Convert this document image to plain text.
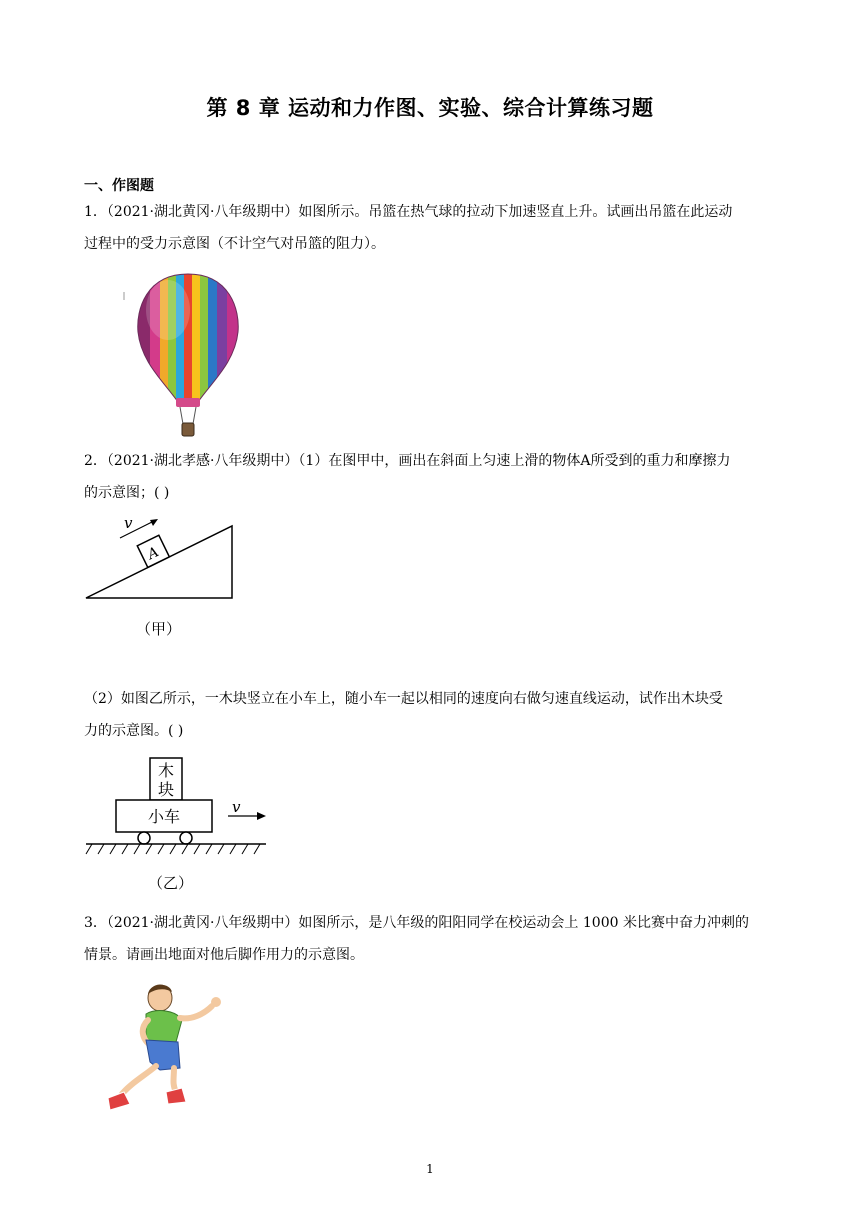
第 8 章 运动和力作图、实验、综合计算练习题
一、作图题
1．（2021·湖北黄冈·八年级期中）如图所示。吊篮在热气球的拉动下加速竖直上升。试画出吊篮在此运动
过程中的受力示意图（不计空气对吊篮的阻力）。
2．（2021·湖北孝感·八年级期中）（1）在图甲中，画出在斜面上匀速上滑的物体A所受到的重力和摩擦力
的示意图；( )
v
A
（甲）
（2）如图乙所示，一木块竖立在小车上，随小车一起以相同的速度向右做匀速直线运动，试作出木块受
力的示意图。( )
木
块
小车	v
（乙）
3．（2021·湖北黄冈·八年级期中）如图所示，是八年级的阳阳同学在校运动会上 1000 米比赛中奋力冲刺的
情景。请画出地面对他后脚作用力的示意图。
1
